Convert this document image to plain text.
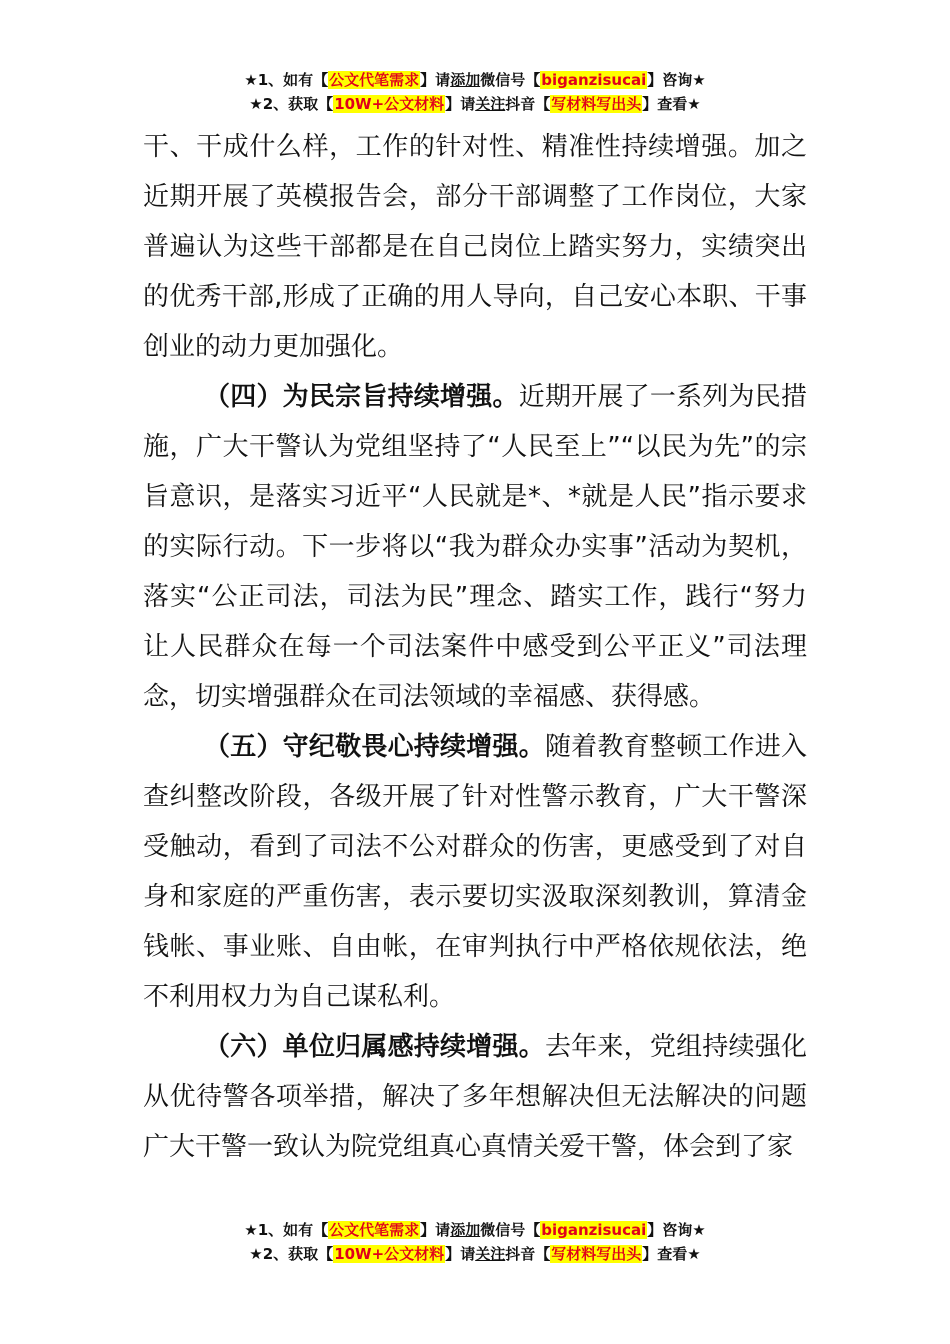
★1、如有【公文代笔需求】请添加微信号【biganzisucai】咨询★
★2、获取【10W+公文材料】请关注抖音【写材料写出头】查看★

干、干成什么样，工作的针对性、精准性持续增强。加之近期开展了英模报告会，部分干部调整了工作岗位，大家普遍认为这些干部都是在自己岗位上踏实努力，实绩突出的优秀干部,形成了正确的用人导向，自己安心本职、干事创业的动力更加强化。

（四）为民宗旨持续增强。近期开展了一系列为民措施，广大干警认为党组坚持了“人民至上”“以民为先”的宗旨意识，是落实习近平“人民就是*、*就是人民”指示要求的实际行动。下一步将以“我为群众办实事”活动为契机，落实“公正司法，司法为民”理念、踏实工作，践行“努力让人民群众在每一个司法案件中感受到公平正义”司法理念，切实增强群众在司法领域的幸福感、获得感。

（五）守纪敬畏心持续增强。随着教育整顿工作进入查纠整改阶段，各级开展了针对性警示教育，广大干警深受触动，看到了司法不公对群众的伤害，更感受到了对自身和家庭的严重伤害，表示要切实汲取深刻教训，算清金钱帐、事业账、自由帐，在审判执行中严格依规依法，绝不利用权力为自己谋私利。

（六）单位归属感持续增强。去年来，党组持续强化从优待警各项举措，解决了多年想解决但无法解决的问题广大干警一致认为院党组真心真情关爱干警，体会到了家

★1、如有【公文代笔需求】请添加微信号【biganzisucai】咨询★
★2、获取【10W+公文材料】请关注抖音【写材料写出头】查看★
